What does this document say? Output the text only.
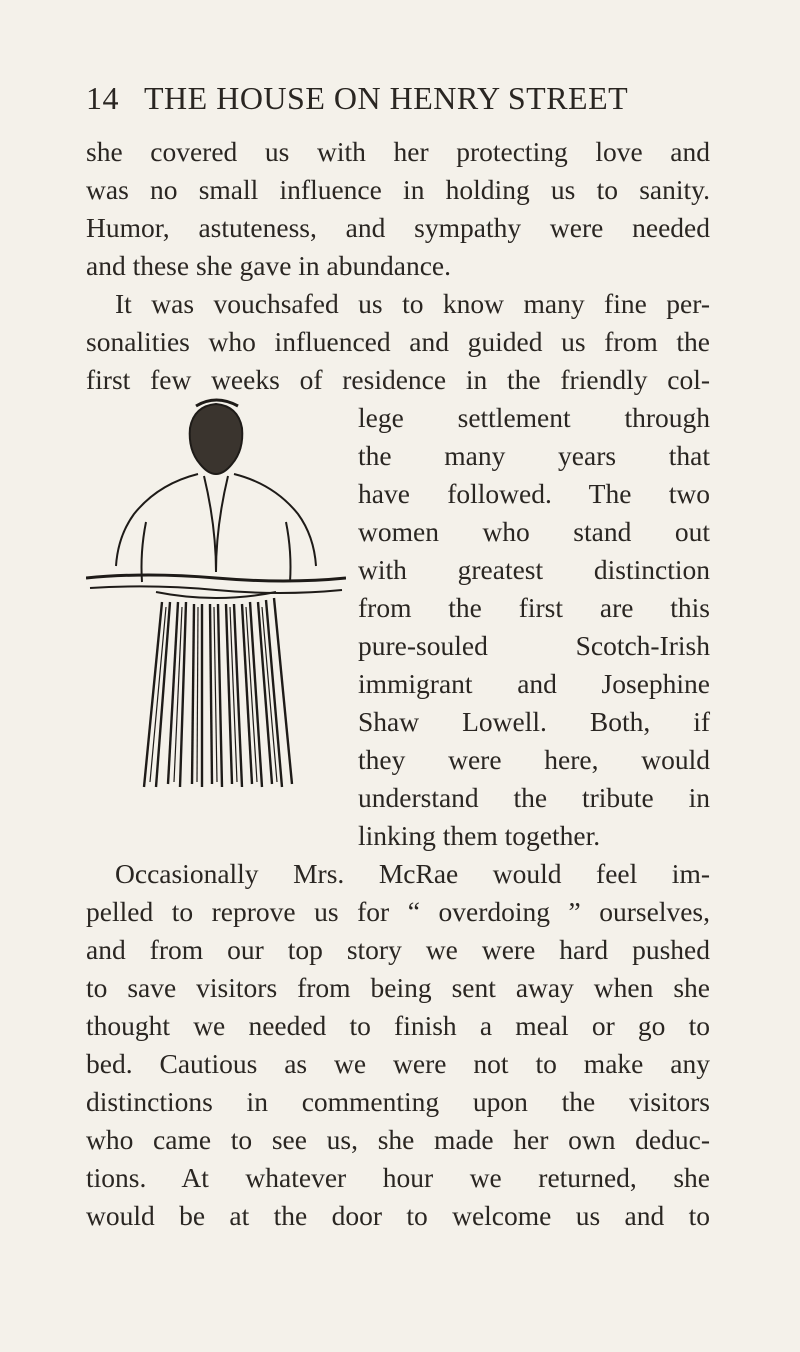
14 THE HOUSE ON HENRY STREET
she covered us with her protecting love and
was no small influence in holding us to sanity.
Humor, astuteness, and sympathy were needed
and these she gave in abundance.
It was vouchsafed us to know many fine per-
sonalities who influenced and guided us from the
first few weeks of residence in the friendly col-
lege settlement through
the many years that
have followed. The two
women who stand out
with greatest distinction
from the first are this
pure-souled Scotch-Irish
immigrant and Josephine
Shaw Lowell. Both, if
they were here, would
understand the tribute in
linking them together.
Occasionally Mrs. McRae would feel im-
pelled to reprove us for “ overdoing ” ourselves,
and from our top story we were hard pushed
to save visitors from being sent away when she
thought we needed to finish a meal or go to
bed. Cautious as we were not to make any
distinctions in commenting upon the visitors
who came to see us, she made her own deduc-
tions. At whatever hour we returned, she
would be at the door to welcome us and to
